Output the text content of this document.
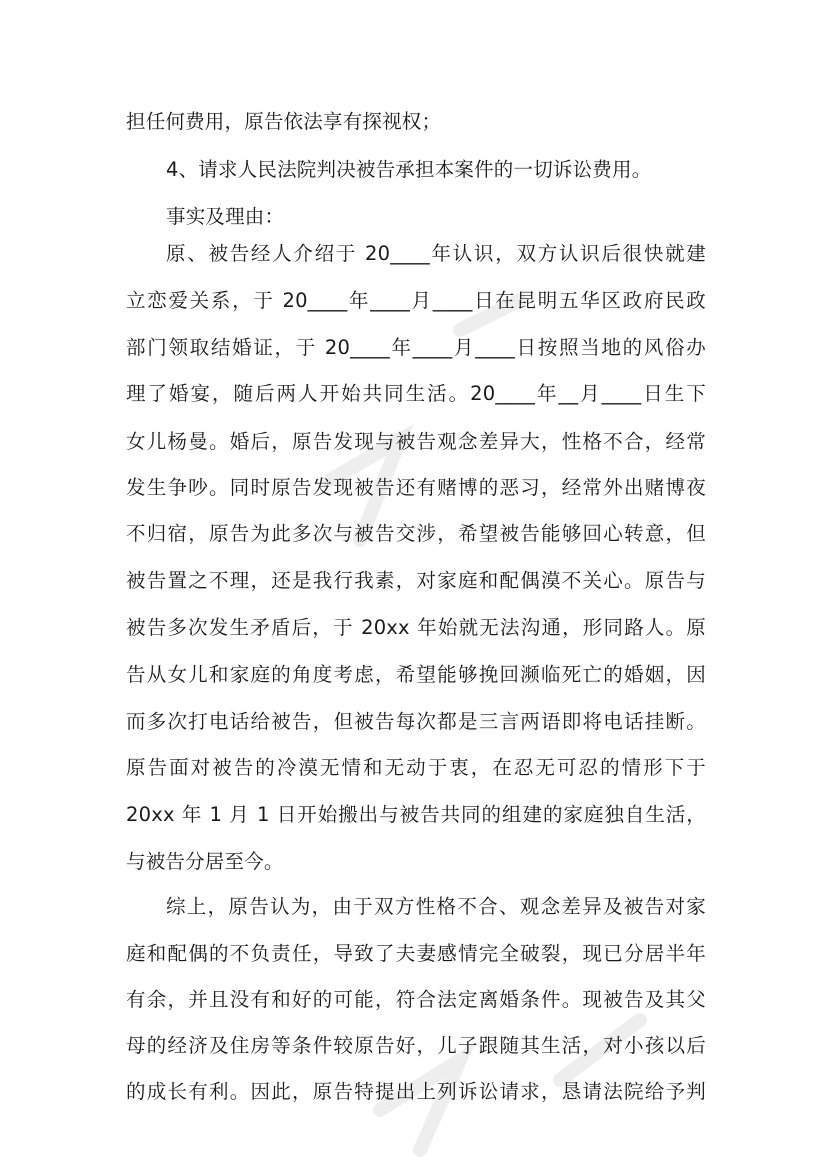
担任何费用，原告依法享有探视权；
4、请求人民法院判决被告承担本案件的一切诉讼费用。
事实及理由：
原、被告经人介绍于 20____年认识，双方认识后很快就建
立恋爱关系，于 20____年____月____日在昆明五华区政府民政
部门领取结婚证，于 20____年____月____日按照当地的风俗办
理了婚宴，随后两人开始共同生活。20____年__月____日生下
女儿杨曼。婚后，原告发现与被告观念差异大，性格不合，经常
发生争吵。同时原告发现被告还有赌博的恶习，经常外出赌博夜
不归宿，原告为此多次与被告交涉，希望被告能够回心转意，但
被告置之不理，还是我行我素，对家庭和配偶漠不关心。原告与
被告多次发生矛盾后，于 20xx 年始就无法沟通，形同路人。原
告从女儿和家庭的角度考虑，希望能够挽回濒临死亡的婚姻，因
而多次打电话给被告，但被告每次都是三言两语即将电话挂断。
原告面对被告的冷漠无情和无动于衷，在忍无可忍的情形下于
20xx 年 1 月 1 日开始搬出与被告共同的组建的家庭独自生活，
与被告分居至今。
综上，原告认为，由于双方性格不合、观念差异及被告对家
庭和配偶的不负责任，导致了夫妻感情完全破裂，现已分居半年
有余，并且没有和好的可能，符合法定离婚条件。现被告及其父
母的经济及住房等条件较原告好，儿子跟随其生活，对小孩以后
的成长有利。因此，原告特提出上列诉讼请求，恳请法院给予判
